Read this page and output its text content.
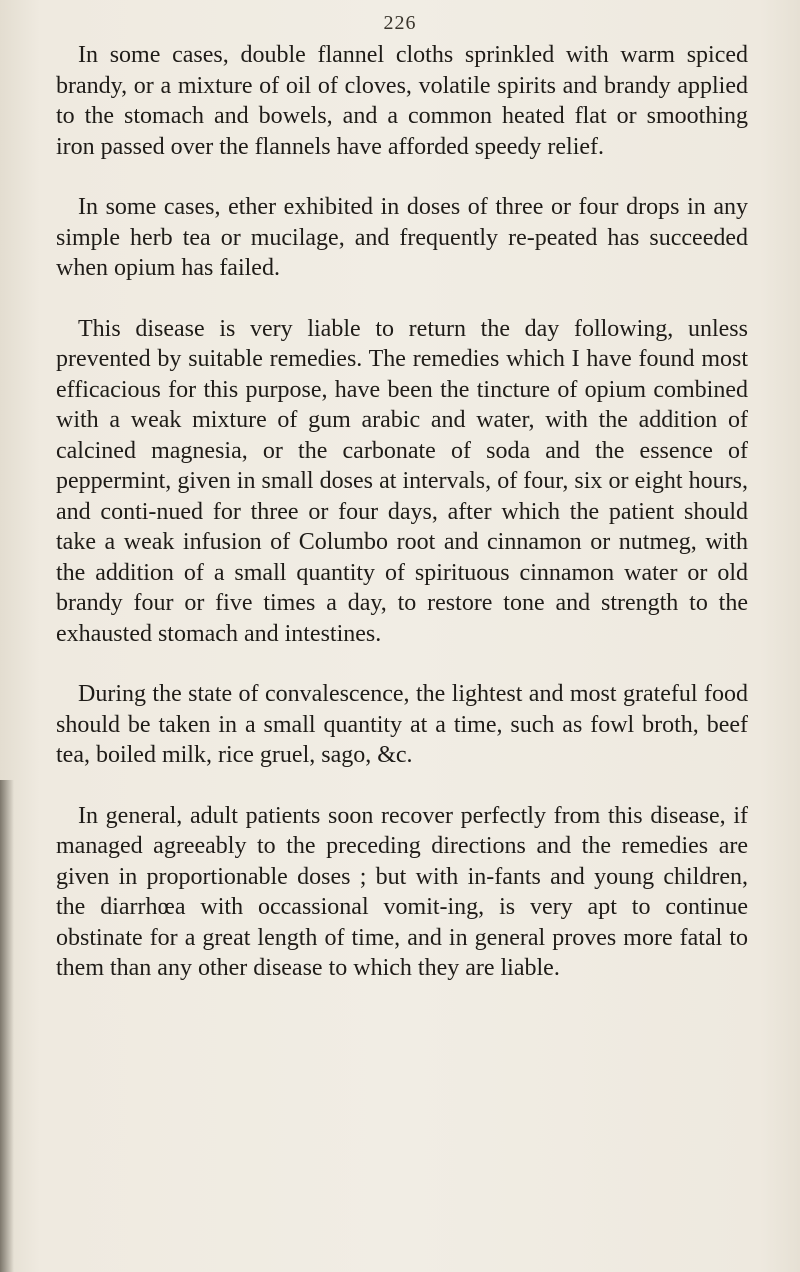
226

In some cases, double flannel cloths sprinkled with warm spiced brandy, or a mixture of oil of cloves, volatile spirits and brandy applied to the stomach and bowels, and a common heated flat or smoothing iron passed over the flannels have afforded speedy relief.

In some cases, ether exhibited in doses of three or four drops in any simple herb tea or mucilage, and frequently re-peated has succeeded when opium has failed.

This disease is very liable to return the day following, unless prevented by suitable remedies. The remedies which I have found most efficacious for this purpose, have been the tincture of opium combined with a weak mixture of gum arabic and water, with the addition of calcined magnesia, or the carbonate of soda and the essence of peppermint, given in small doses at intervals, of four, six or eight hours, and conti-nued for three or four days, after which the patient should take a weak infusion of Columbo root and cinnamon or nutmeg, with the addition of a small quantity of spirituous cinnamon water or old brandy four or five times a day, to restore tone and strength to the exhausted stomach and intestines.

During the state of convalescence, the lightest and most grateful food should be taken in a small quantity at a time, such as fowl broth, beef tea, boiled milk, rice gruel, sago, &c.

In general, adult patients soon recover perfectly from this disease, if managed agreeably to the preceding directions and the remedies are given in proportionable doses ; but with in-fants and young children, the diarrhœa with occassional vomit-ing, is very apt to continue obstinate for a great length of time, and in general proves more fatal to them than any other disease to which they are liable.
